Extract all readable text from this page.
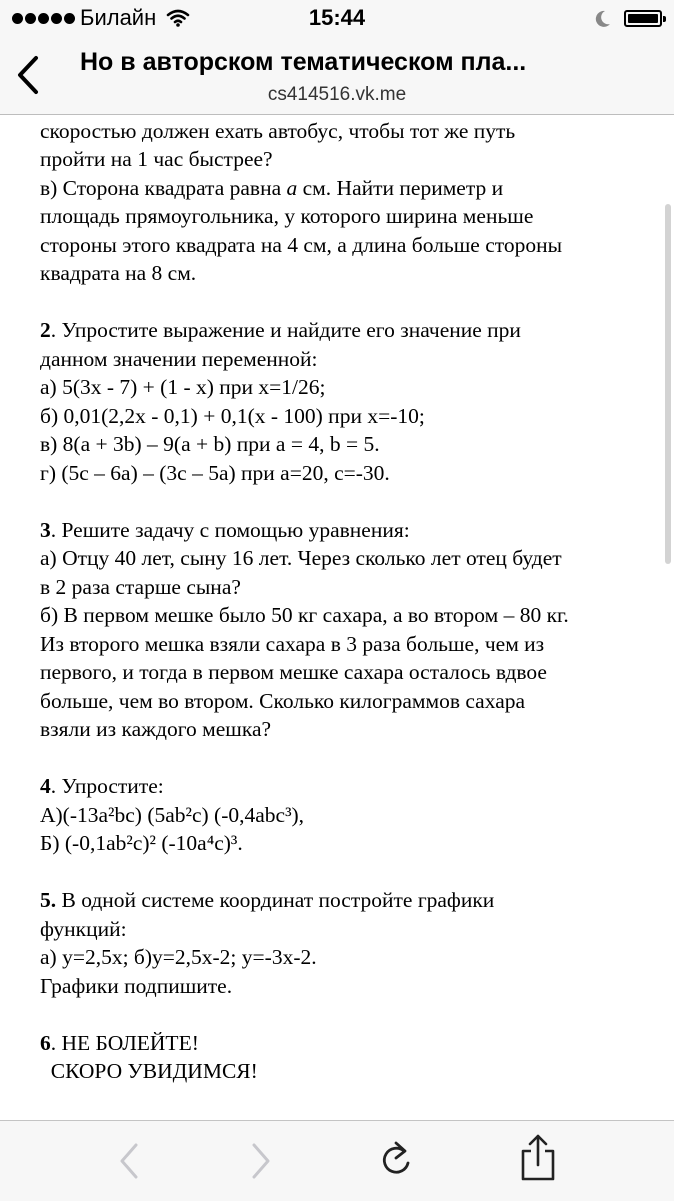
Билайн	15:44
Но в авторском тематическом пла...
cs414516.vk.me
скоростью должен ехать автобус, чтобы тот же путь
пройти на 1 час быстрее?
в) Сторона квадрата равна a см. Найти периметр и
площадь прямоугольника, у которого ширина меньше
стороны этого квадрата на 4 см, а длина больше стороны
квадрата на 8 см.
2. Упростите выражение и найдите его значение при
данном значении переменной:
а) 5(3x - 7) + (1 - x) при x=1/26;
б) 0,01(2,2x - 0,1) + 0,1(x - 100) при x=-10;
в) 8(a + 3b) – 9(a + b) при a = 4, b = 5.
г) (5c – 6a) – (3c – 5a) при a=20, c=-30.
3. Решите задачу с помощью уравнения:
а) Отцу 40 лет, сыну 16 лет. Через сколько лет отец будет
в 2 раза старше сына?
б) В первом мешке было 50 кг сахара, а во втором – 80 кг.
Из второго мешка взяли сахара в 3 раза больше, чем из
первого, и тогда в первом мешке сахара осталось вдвое
больше, чем во втором. Сколько килограммов сахара
взяли из каждого мешка?
4. Упростите:
А)(-13a²bc) (5ab²c) (-0,4abc³),
Б) (-0,1ab²c)² (-10a⁴c)³.
5. В одной системе координат постройте графики
функций:
а) у=2,5х; б)у=2,5х-2; у=-3х-2.
Графики подпишите.
6. НЕ БОЛЕЙТЕ!
СКОРО УВИДИМСЯ!
